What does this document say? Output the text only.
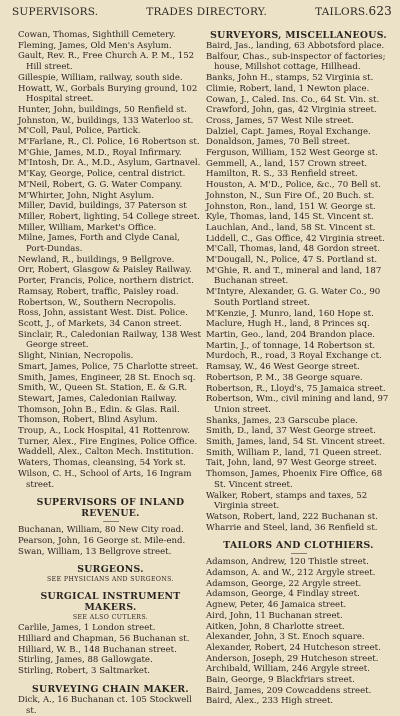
SUPERVISORS.	TRADES DIRECTORY.	TAILORS. 623
Cowan, Thomas, Sighthill Cemetery.
Fleming, James, Old Men's Asylum.
Gault, Rev. R., Free Church A. P. M., 152 Hill street.
Gillespie, William, railway, south side.
Howatt, W., Gorbals Burying ground, 102 Hospital street.
Hunter, John, buildings, 50 Renfield st.
Johnston, W., buildings, 133 Waterloo st.
M'Coll, Paul, Police, Partick.
M'Farlane, R., Cl. Police, 16 Robertson st.
M'Ghie, James, M.D., Royal Infirmary.
M'Intosh, Dr. A., M.D., Asylum, Gartnavel.
M'Kay, George, Police, central district.
M'Neil, Robert, G. G. Water Company.
M'Whirter, John, Night Asylum.
Miller, David, buildings, 37 Paterson st
Miller, Robert, lighting, 54 College street.
Miller, William, Market's Office.
Milne, James, Forth and Clyde Canal, Port-Dundas.
Newland, R., buildings, 9 Bellgrove.
Orr, Robert, Glasgow & Paisley Railway.
Porter, Francis, Police, northern district.
Ramsay, Robert, traffic, Paisley road.
Robertson, W., Southern Necropolis.
Ross, John, assistant West. Dist. Police.
Scott, J., of Markets, 34 Canon street.
Sinclair, R., Caledonian Railway, 138 West George street.
Slight, Ninian, Necropolis.
Smart, James, Police, 75 Charlotte street.
Smith, James, Engineer, 28 St. Enoch sq.
Smith, W., Queen St. Station, E. & G.R.
Stewart, James, Caledonian Railway.
Thomson, John B., Edin. & Glas. Rail.
Thomson, Robert, Blind Asylum.
Troup, A., Lock Hospital, 41 Rottenrow.
Turner, Alex., Fire Engines, Police Office.
Waddell, Alex., Calton Mech. Institution.
Waters, Thomas, cleansing, 54 York st.
Wilson, C. H., School of Arts, 16 Ingram street.
SUPERVISORS OF INLAND REVENUE.
Buchanan, William, 80 New City road.
Pearson, John, 16 George st. Mile-end.
Swan, William, 13 Bellgrove street.
SURGEONS.
SEE PHYSICIANS AND SURGEONS.
SURGICAL INSTRUMENT MAKERS.
SEE ALSO CUTLERS.
Carlile, James, 1 London street.
Hilliard and Chapman, 56 Buchanan st.
Hilliard, W. B., 148 Buchanan street.
Stirling, James, 88 Gallowgate.
Stirling, Robert, 3 Saltmarket.
SURVEYING CHAIN MAKER.
Dick, A., 16 Buchanan ct. 105 Stockwell st.
SURVEYORS, MISCELLANEOUS.
Baird, Jas., landing, 63 Abbotsford place.
Balfour, Chas., sub-inspector of factories; house, Millshot cottage, Hillhead.
Banks, John H., stamps, 52 Virginia st.
Climie, Robert, land, 1 Newton place.
Cowan, J., Caled. Ins. Co., 64 St. Vin. st.
Crawford, John, gas, 42 Virginia street.
Cross, James, 57 West Nile street.
Dalziel, Capt. James, Royal Exchange.
Donaldson, James, 70 Bell street.
Ferguson, William, 152 West George st.
Gemmell, A., land, 157 Crown street.
Hamilton, R. S., 33 Renfield street.
Houston, A. M'D., Police, &c., 70 Bell st.
Johnston, N., Sun Fire Of., 20 Buch. st.
Johnston, Ron., land, 151 W. George st.
Kyle, Thomas, land, 145 St. Vincent st.
Lauchlan, And., land, 58 St. Vincent st.
Liddell, C., Gas Office, 42 Virginia street.
M'Call, Thomas, land, 48 Gordon street.
M'Dougall, N., Police, 47 S. Portland st.
M'Ghie, R. and T., mineral and land, 187 Buchanan street.
M'Intyre, Alexander, G. G. Water Co., 90 South Portland street.
M'Kenzie, J. Munro, land, 160 Hope st.
Maclure, Hugh H., land, 8 Princes sq.
Martin, Geo., land, 204 Brandon place.
Martin, J., of tonnage, 14 Robertson st.
Murdoch, R., road, 3 Royal Exchange ct.
Ramsay, W., 46 West George street.
Robertson, P. M., 38 George square.
Robertson, R., Lloyd's, 75 Jamaica street.
Robertson, Wm., civil mining and land, 97 Union street.
Shanks, James, 23 Garscube place.
Smith, D., land, 37 West George street.
Smith, James, land, 54 St. Vincent street.
Smith, William P., land, 71 Queen street.
Tait, John, land, 97 West George street.
Thomson, James, Phoenix Fire Office, 68 St. Vincent street.
Walker, Robert, stamps and taxes, 52 Virginia street.
Watson, Robert, land, 222 Buchanan st.
Wharrie and Steel, land, 36 Renfield st.
TAILORS AND CLOTHIERS.
Adamson, Andrew, 120 Thistle street.
Adamson, A. and W., 212 Argyle street.
Adamson, George, 22 Argyle street.
Adamson, George, 4 Findlay street.
Agnew, Peter, 46 Jamaica street.
Aird, John, 11 Buchanan street.
Aitken, John, 8 Charlotte street.
Alexander, John, 3 St. Enoch square.
Alexander, Robert, 24 Hutcheson street.
Anderson, Joseph, 29 Hutcheson street.
Archibald, William, 246 Argyle street.
Bain, George, 9 Blackfriars street.
Baird, James, 209 Cowcaddens street.
Baird, Alex., 233 High street.
